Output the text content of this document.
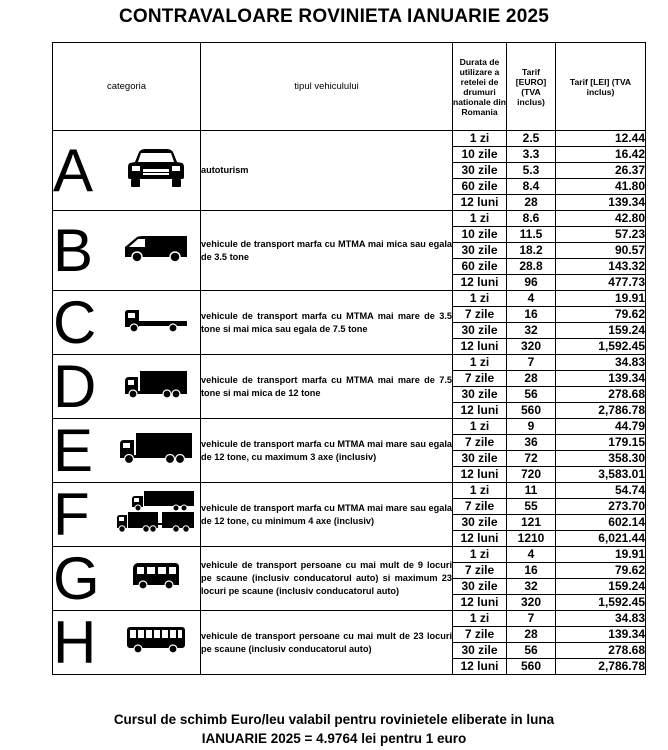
CONTRAVALOARE ROVINIETA IANUARIE 2025
categoria		tipul vehiculului	Durata de utilizare a retelei de drumuri nationale din Romania	Tarif [EURO] (TVA inclus)	Tarif [LEI] (TVA inclus)
A		autoturism	1 zi	2.5	12.44
			10 zile	3.3	16.42
			30 zile	5.3	26.37
			60 zile	8.4	41.80
			12 luni	28	139.34
B		vehicule de transport marfa cu MTMA mai mica sau egala de 3.5 tone	1 zi	8.6	42.80
			10 zile	11.5	57.23
			30 zile	18.2	90.57
			60 zile	28.8	143.32
			12 luni	96	477.73
C		vehicule de transport marfa cu MTMA mai mare de 3.5 tone si mai mica sau egala de 7.5 tone	1 zi	4	19.91
			7 zile	16	79.62
			30 zile	32	159.24
			12 luni	320	1,592.45
D		vehicule de transport marfa cu MTMA mai mare de 7.5 tone si mai mica de 12 tone	1 zi	7	34.83
			7 zile	28	139.34
			30 zile	56	278.68
			12 luni	560	2,786.78
E		vehicule de transport marfa cu MTMA mai mare sau egala de 12 tone, cu maximum 3 axe (inclusiv)	1 zi	9	44.79
			7 zile	36	179.15
			30 zile	72	358.30
			12 luni	720	3,583.01
F		vehicule de transport marfa cu MTMA mai mare sau egala de 12 tone, cu minimum 4 axe (inclusiv)	1 zi	11	54.74
			7 zile	55	273.70
			30 zile	121	602.14
			12 luni	1210	6,021.44
G		vehicule de transport persoane cu mai mult de 9 locuri pe scaune (inclusiv conducatorul auto) si maximum 23 locuri pe scaune (inclusiv conducatorul auto)	1 zi	4	19.91
			7 zile	16	79.62
			30 zile	32	159.24
			12 luni	320	1,592.45
H		vehicule de transport persoane cu mai mult de 23 locuri pe scaune (inclusiv conducatorul auto)	1 zi	7	34.83
			7 zile	28	139.34
			30 zile	56	278.68
			12 luni	560	2,786.78
Cursul de schimb Euro/leu valabil pentru rovinietele eliberate in luna
IANUARIE 2025 = 4.9764 lei pentru 1 euro
